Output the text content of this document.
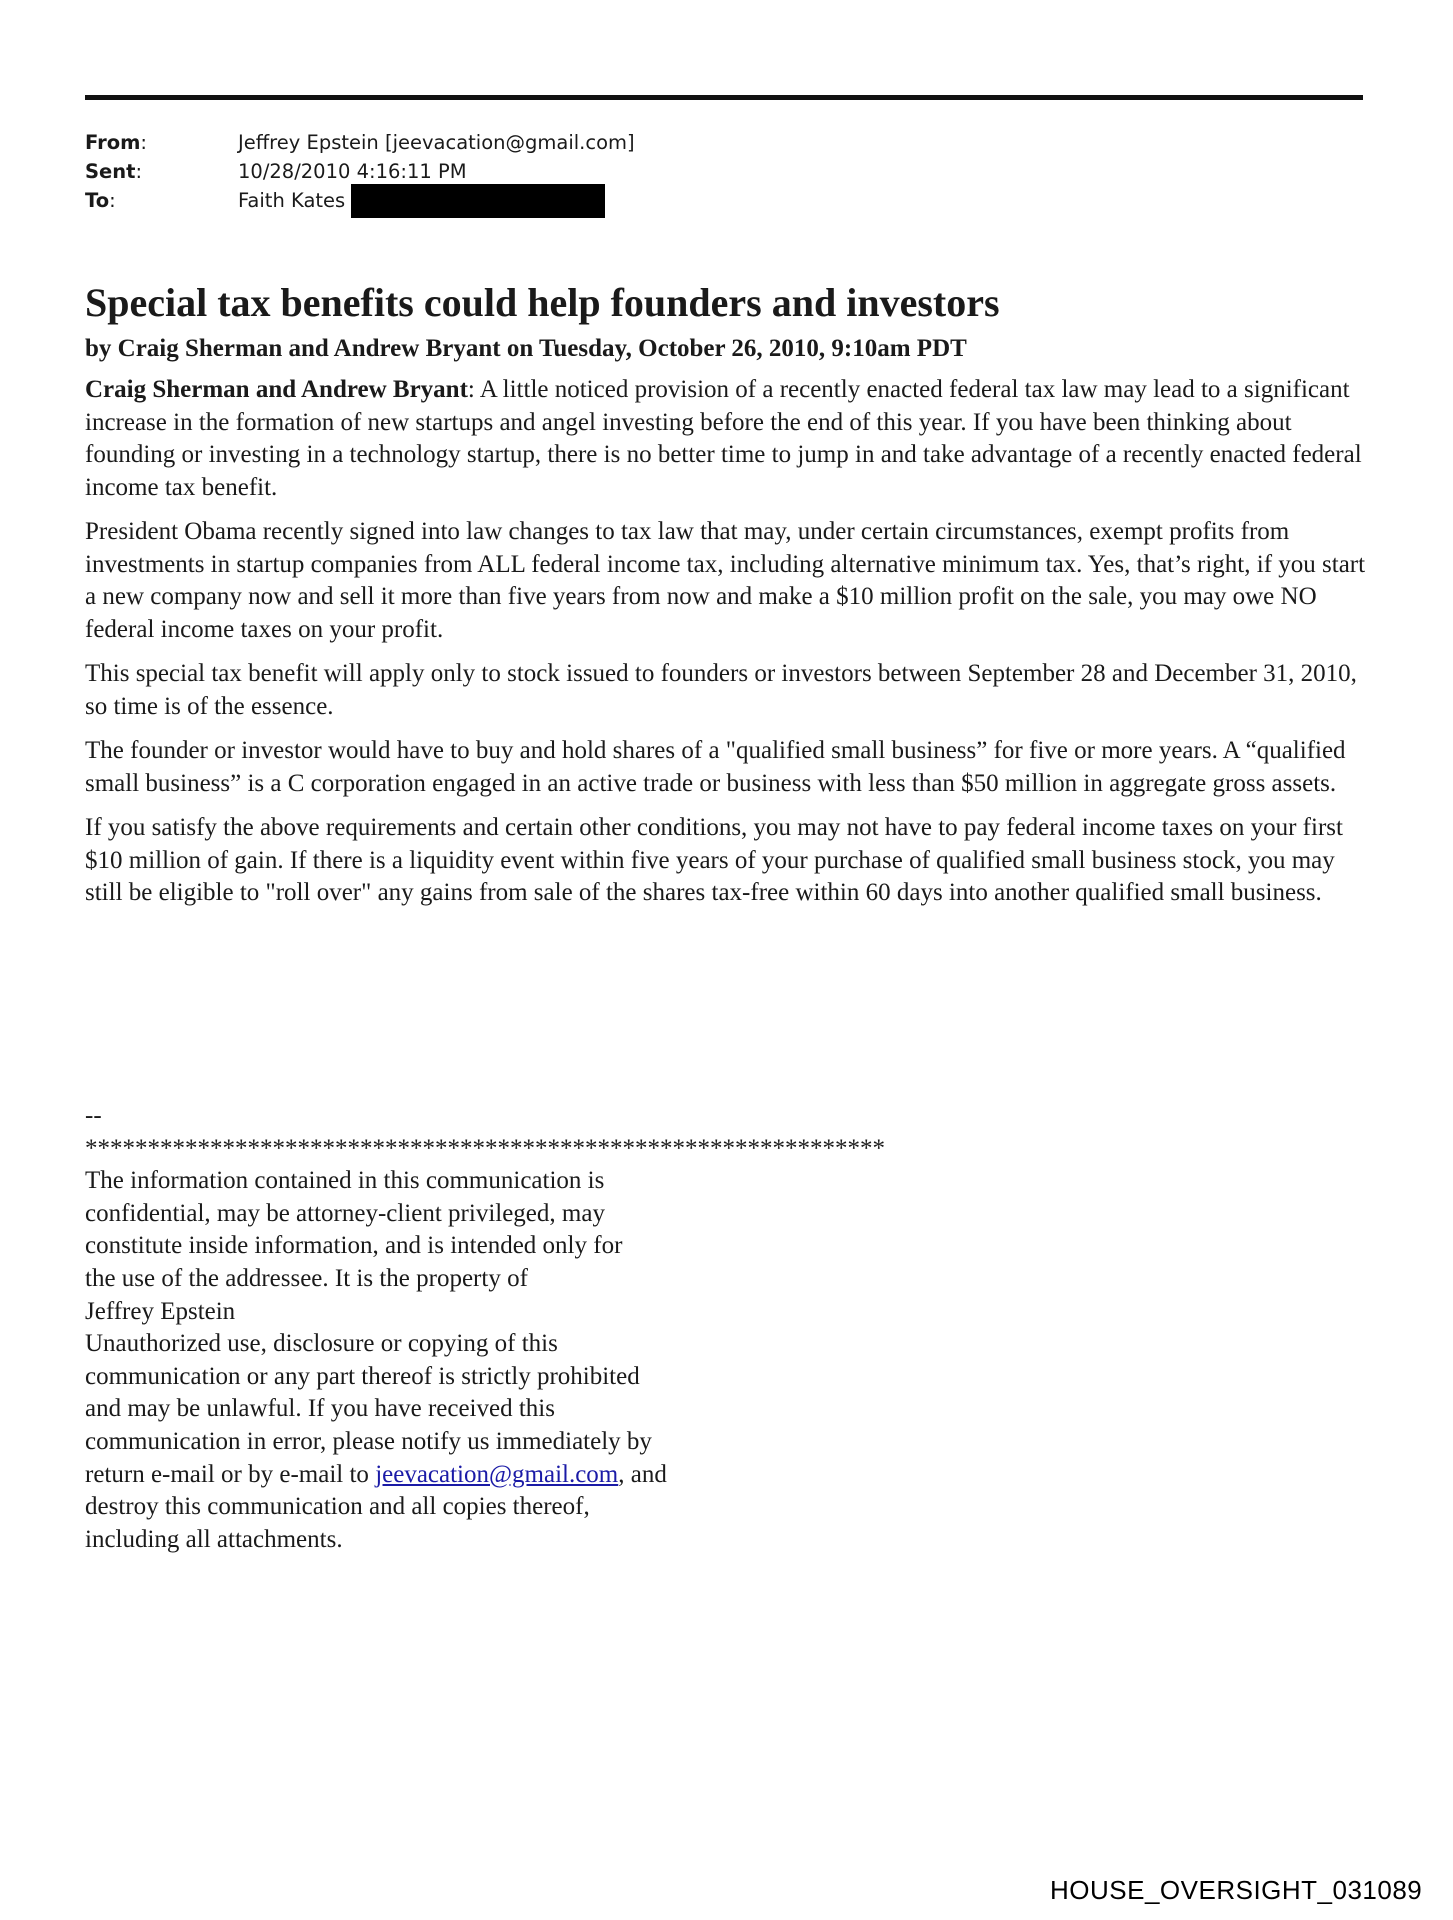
From:	Jeffrey Epstein [jeevacation@gmail.com]
Sent:	10/28/2010 4:16:11 PM
To:	Faith Kates
Special tax benefits could help founders and investors

by Craig Sherman and Andrew Bryant on Tuesday, October 26, 2010, 9:10am PDT

Craig Sherman and Andrew Bryant: A little noticed provision of a recently enacted federal tax law may lead to a significant increase in the formation of new startups and angel investing before the end of this year. If you have been thinking about founding or investing in a technology startup, there is no better time to jump in and take advantage of a recently enacted federal income tax benefit.

President Obama recently signed into law changes to tax law that may, under certain circumstances, exempt profits from investments in startup companies from ALL federal income tax, including alternative minimum tax. Yes, that’s right, if you start a new company now and sell it more than five years from now and make a $10 million profit on the sale, you may owe NO federal income taxes on your profit.

This special tax benefit will apply only to stock issued to founders or investors between September 28 and December 31, 2010, so time is of the essence.

The founder or investor would have to buy and hold shares of a "qualified small business” for five or more years. A “qualified small business” is a C corporation engaged in an active trade or business with less than $50 million in aggregate gross assets.

If you satisfy the above requirements and certain other conditions, you may not have to pay federal income taxes on your first $10 million of gain. If there is a liquidity event within five years of your purchase of qualified small business stock, you may still be eligible to "roll over" any gains from sale of the shares tax-free within 60 days into another qualified small business.

--
****************************************************************
The information contained in this communication is
confidential, may be attorney-client privileged, may
constitute inside information, and is intended only for
the use of the addressee. It is the property of
Jeffrey Epstein
Unauthorized use, disclosure or copying of this
communication or any part thereof is strictly prohibited
and may be unlawful. If you have received this
communication in error, please notify us immediately by
return e-mail or by e-mail to jeevacation@gmail.com, and
destroy this communication and all copies thereof,
including all attachments.
HOUSE_OVERSIGHT_031089
